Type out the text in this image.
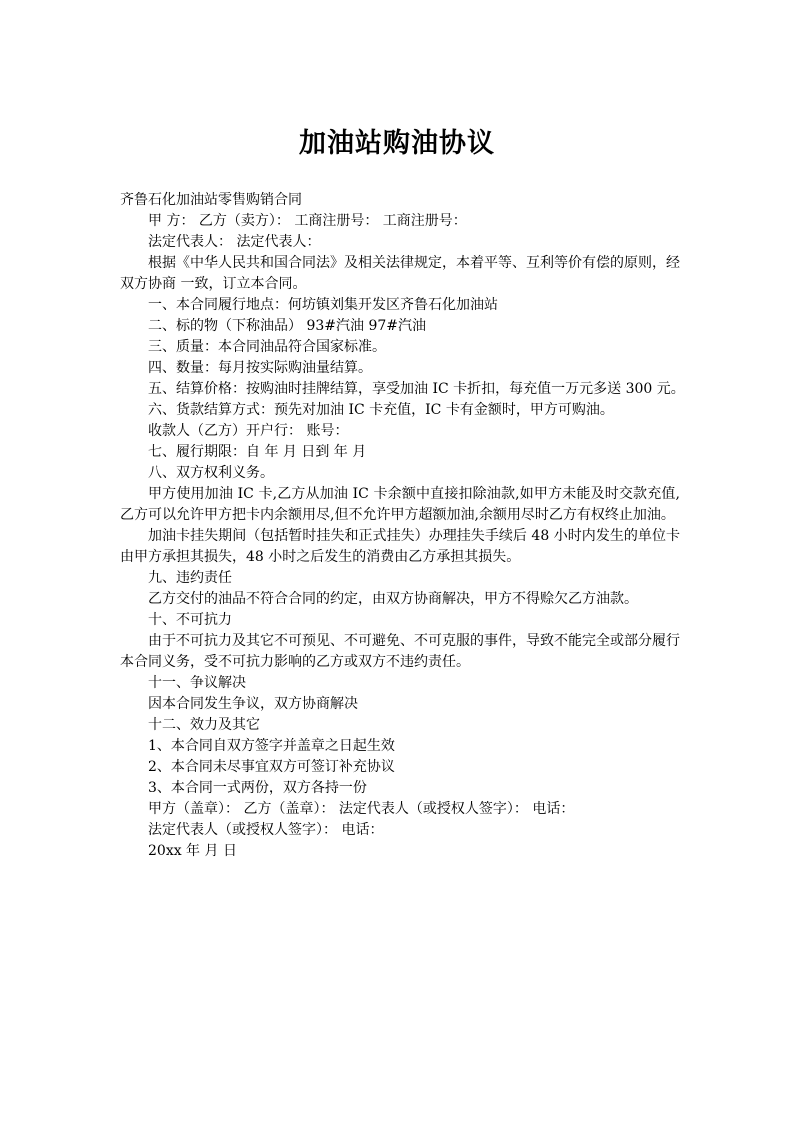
加油站购油协议
齐鲁石化加油站零售购销合同
甲 方： 乙方（卖方）： 工商注册号： 工商注册号：
法定代表人： 法定代表人：
根据《中华人民共和国合同法》及相关法律规定，本着平等、互利等价有偿的原则，经双方协商 一致，订立本合同。
一、本合同履行地点：何坊镇刘集开发区齐鲁石化加油站
二、标的物（下称油品） 93#汽油 97#汽油
三、质量：本合同油品符合国家标准。
四、数量：每月按实际购油量结算。
五、结算价格：按购油时挂牌结算，享受加油 IC 卡折扣，每充值一万元多送 300 元。
六、货款结算方式：预先对加油 IC 卡充值，IC 卡有金额时，甲方可购油。
收款人（乙方）开户行： 账号：
七、履行期限：自 年 月 日到 年 月
八、双方权利义务。
甲方使用加油 IC 卡,乙方从加油 IC 卡余额中直接扣除油款,如甲方未能及时交款充值,乙方可以允许甲方把卡内余额用尽,但不允许甲方超额加油,余额用尽时乙方有权终止加油。
加油卡挂失期间（包括暂时挂失和正式挂失）办理挂失手续后 48 小时内发生的单位卡由甲方承担其损失，48 小时之后发生的消费由乙方承担其损失。
九、违约责任
乙方交付的油品不符合合同的约定，由双方协商解决，甲方不得赊欠乙方油款。
十、不可抗力
由于不可抗力及其它不可预见、不可避免、不可克服的事件，导致不能完全或部分履行本合同义务，受不可抗力影响的乙方或双方不违约责任。
十一、争议解决
因本合同发生争议，双方协商解决
十二、效力及其它
1、本合同自双方签字并盖章之日起生效
2、本合同未尽事宜双方可签订补充协议
3、本合同一式两份，双方各持一份
甲方（盖章）： 乙方（盖章）： 法定代表人（或授权人签字）： 电话：
法定代表人（或授权人签字）： 电话：
20xx 年 月 日
